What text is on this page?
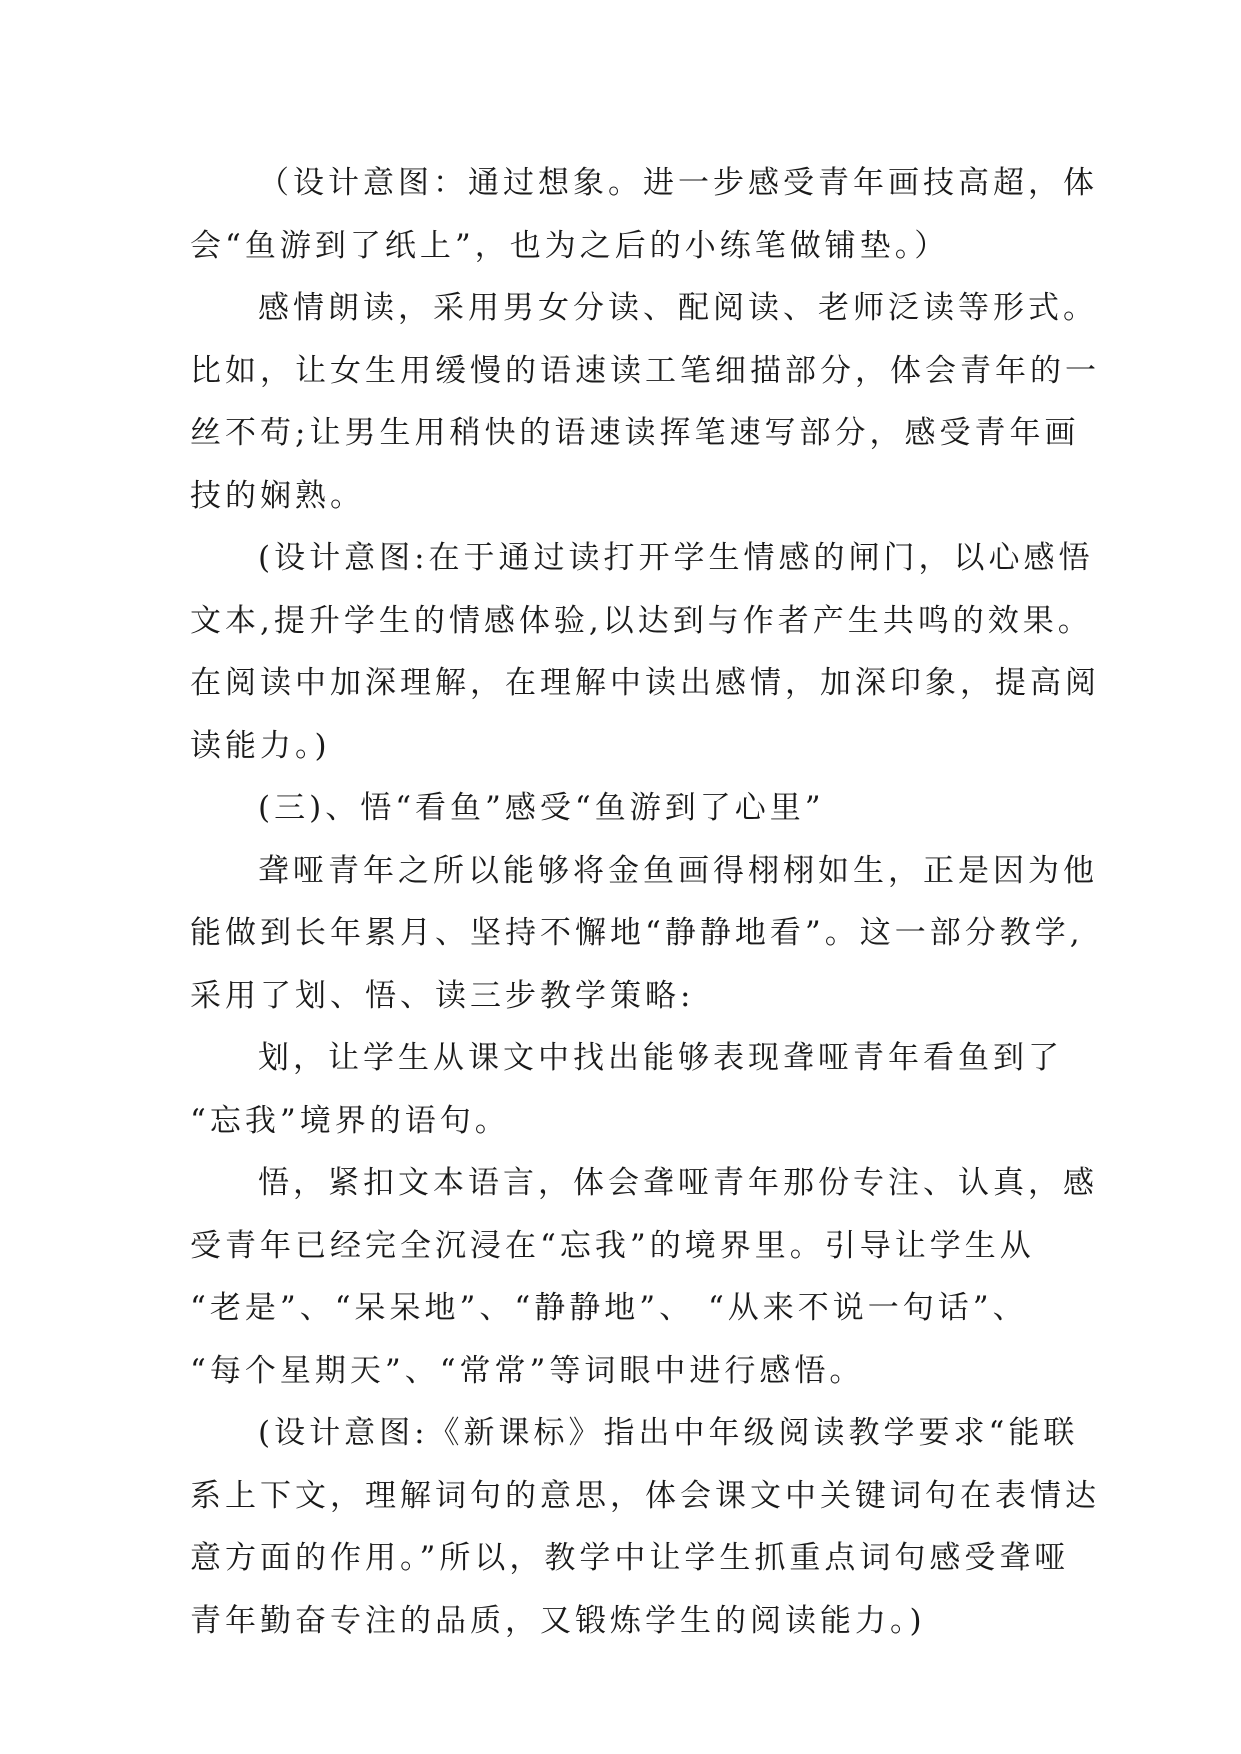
（设计意图：通过想象。进一步感受青年画技高超，体
会“鱼游到了纸上”，也为之后的小练笔做铺垫。）
感情朗读，采用男女分读、配阅读、老师泛读等形式。
比如，让女生用缓慢的语速读工笔细描部分，体会青年的一
丝不苟;让男生用稍快的语速读挥笔速写部分，感受青年画
技的娴熟。
(设计意图:在于通过读打开学生情感的闸门，以心感悟
文本,提升学生的情感体验,以达到与作者产生共鸣的效果。
在阅读中加深理解，在理解中读出感情，加深印象，提高阅
读能力。)
(三)、悟“看鱼”感受“鱼游到了心里”
聋哑青年之所以能够将金鱼画得栩栩如生，正是因为他
能做到长年累月、坚持不懈地“静静地看”。这一部分教学,
采用了划、悟、读三步教学策略:
划，让学生从课文中找出能够表现聋哑青年看鱼到了
“忘我”境界的语句。
悟，紧扣文本语言，体会聋哑青年那份专注、认真，感
受青年已经完全沉浸在“忘我”的境界里。引导让学生从
“老是”、“呆呆地”、“静静地”、 “从来不说一句话”、
“每个星期天”、“常常”等词眼中进行感悟。
(设计意图:《新课标》指出中年级阅读教学要求“能联
系上下文，理解词句的意思，体会课文中关键词句在表情达
意方面的作用。”所以，教学中让学生抓重点词句感受聋哑
青年勤奋专注的品质，又锻炼学生的阅读能力。)
